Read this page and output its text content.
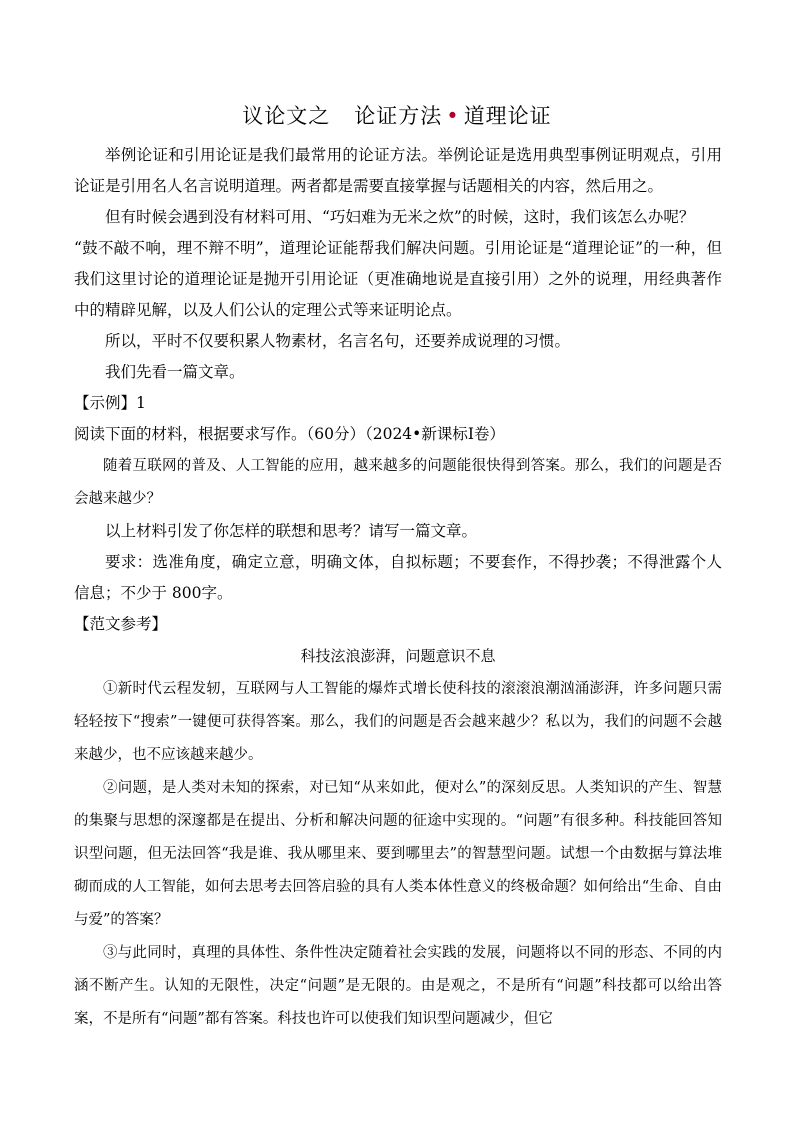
议论文之 论证方法 • 道理论证

举例论证和引用论证是我们最常用的论证方法。举例论证是选用典型事例证明观点，引用论证是引用名人名言说明道理。两者都是需要直接掌握与话题相关的内容，然后用之。

但有时候会遇到没有材料可用、“巧妇难为无米之炊”的时候，这时，我们该怎么办呢？

“鼓不敲不响，理不辩不明”，道理论证能帮我们解决问题。引用论证是“道理论证”的一种，但我们这里讨论的道理论证是抛开引用论证（更准确地说是直接引用）之外的说理，用经典著作中的精辟见解，以及人们公认的定理公式等来证明论点。

所以，平时不仅要积累人物素材，名言名句，还要养成说理的习惯。

我们先看一篇文章。

【示例】1

阅读下面的材料，根据要求写作。（60分）（2024•新课标Ⅰ卷）

随着互联网的普及、人工智能的应用，越来越多的问题能很快得到答案。那么，我们的问题是否会越来越少？

以上材料引发了你怎样的联想和思考？请写一篇文章。

要求：选准角度，确定立意，明确文体，自拟标题；不要套作，不得抄袭；不得泄露个人信息；不少于 800字。

【范文参考】

科技泫浪澎湃，问题意识不息

①新时代云程发轫，互联网与人工智能的爆炸式增长使科技的滚滚浪潮汹涌澎湃，许多问题只需轻轻按下“搜索”一键便可获得答案。那么，我们的问题是否会越来越少？私以为，我们的问题不会越来越少，也不应该越来越少。

②问题，是人类对未知的探索，对已知“从来如此，便对么”的深刻反思。人类知识的产生、智慧的集聚与思想的深邃都是在提出、分析和解决问题的征途中实现的。“问题”有很多种。科技能回答知识型问题，但无法回答“我是谁、我从哪里来、要到哪里去”的智慧型问题。试想一个由数据与算法堆砌而成的人工智能，如何去思考去回答启验的具有人类本体性意义的终极命题？如何给出“生命、自由与爱”的答案？

③与此同时，真理的具体性、条件性决定随着社会实践的发展，问题将以不同的形态、不同的内涵不断产生。认知的无限性，决定“问题”是无限的。由是观之，不是所有“问题”科技都可以给出答案，不是所有“问题”都有答案。科技也许可以使我们知识型问题减少，但它
